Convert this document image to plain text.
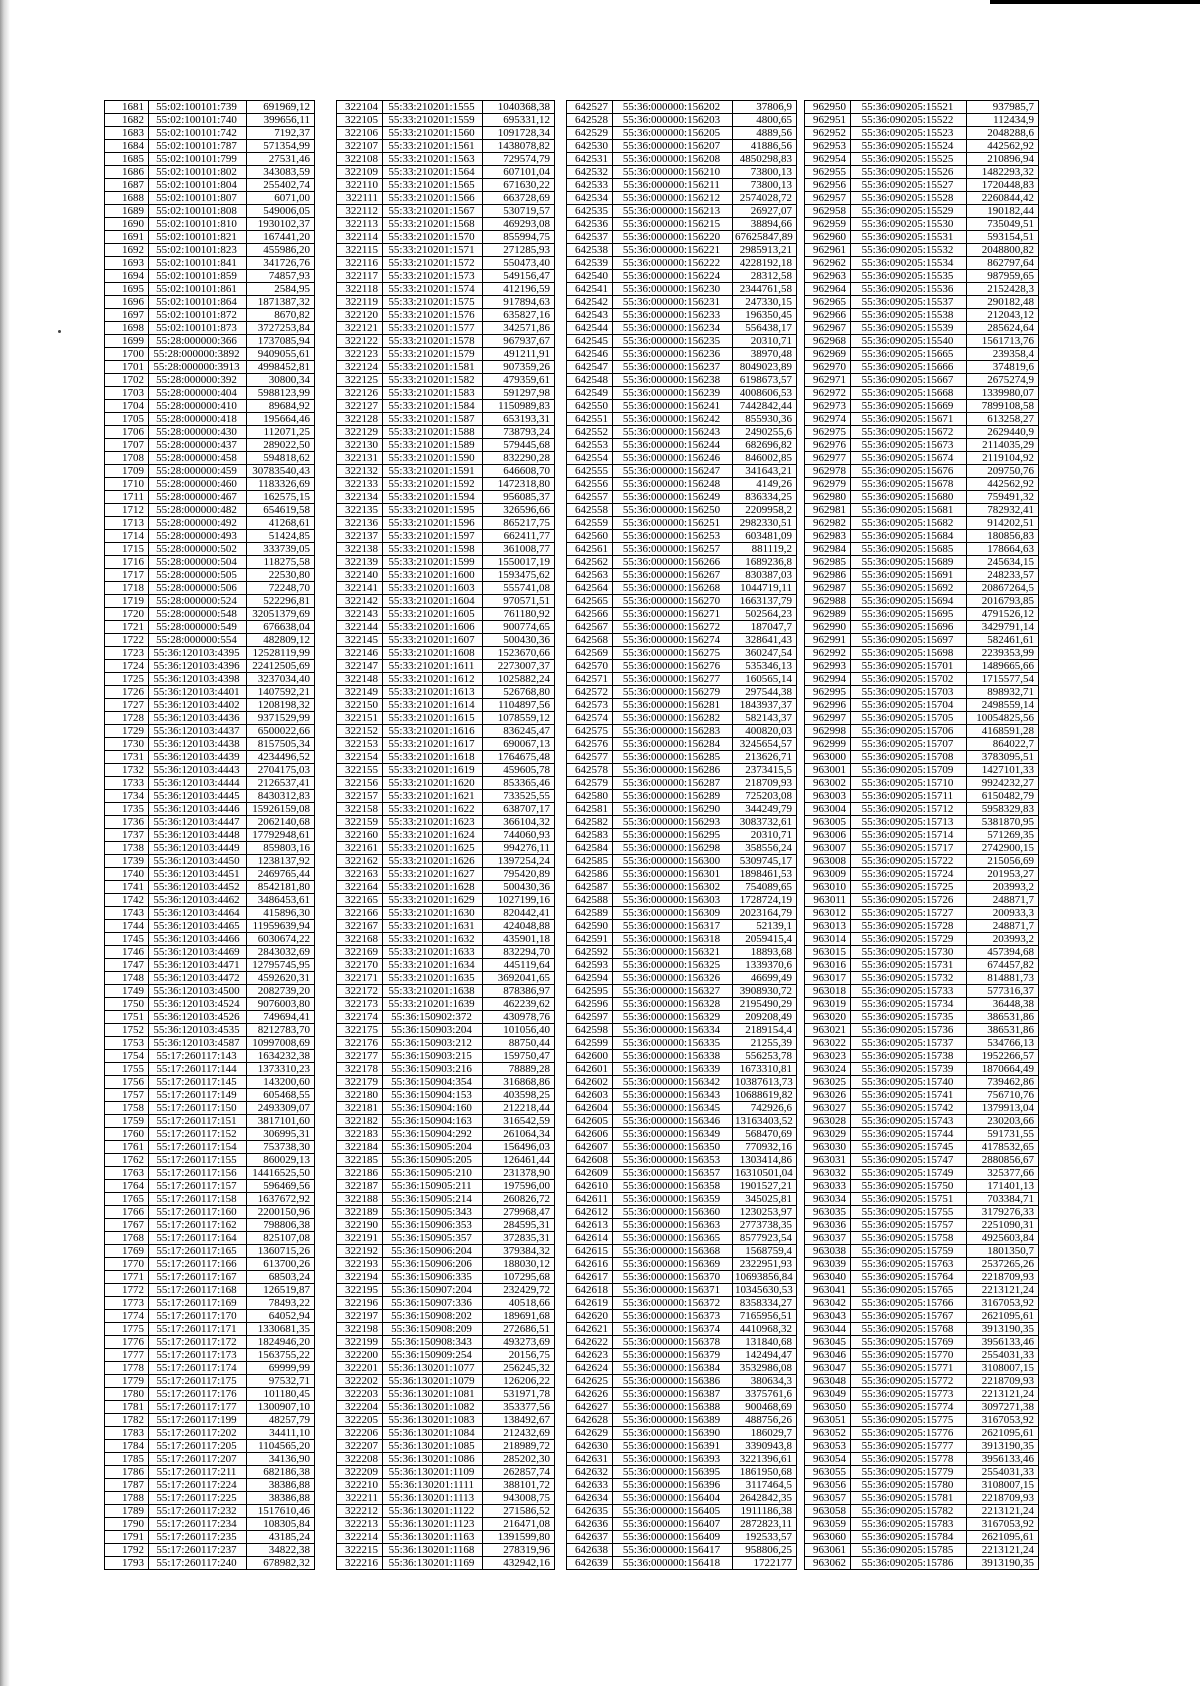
1681	55:02:100101:739	691969,12
1682	55:02:100101:740	399656,11
1683	55:02:100101:742	7192,37
1684	55:02:100101:787	571354,99
1685	55:02:100101:799	27531,46
1686	55:02:100101:802	343083,59
1687	55:02:100101:804	255402,74
1688	55:02:100101:807	6071,00
1689	55:02:100101:808	549006,05
1690	55:02:100101:810	1930102,37
1691	55:02:100101:821	167441,20
1692	55:02:100101:823	455986,20
1693	55:02:100101:841	341726,76
1694	55:02:100101:859	74857,93
1695	55:02:100101:861	2584,95
1696	55:02:100101:864	1871387,32
1697	55:02:100101:872	8670,82
1698	55:02:100101:873	3727253,84
1699	55:28:000000:366	1737085,94
1700	55:28:000000:3892	9409055,61
1701	55:28:000000:3913	4998452,81
1702	55:28:000000:392	30800,34
1703	55:28:000000:404	5988123,99
1704	55:28:000000:410	89684,92
1705	55:28:000000:418	195664,46
1706	55:28:000000:430	112071,25
1707	55:28:000000:437	289022,50
1708	55:28:000000:458	594818,62
1709	55:28:000000:459	30783540,43
1710	55:28:000000:460	1183326,69
1711	55:28:000000:467	162575,15
1712	55:28:000000:482	654619,58
1713	55:28:000000:492	41268,61
1714	55:28:000000:493	51424,85
1715	55:28:000000:502	333739,05
1716	55:28:000000:504	118275,58
1717	55:28:000000:505	22530,80
1718	55:28:000000:506	72248,70
1719	55:28:000000:524	522296,81
1720	55:28:000000:548	32051379,69
1721	55:28:000000:549	676638,04
1722	55:28:000000:554	482809,12
1723	55:36:120103:4395	12528119,99
1724	55:36:120103:4396	22412505,69
1725	55:36:120103:4398	3237034,40
1726	55:36:120103:4401	1407592,21
1727	55:36:120103:4402	1208198,32
1728	55:36:120103:4436	9371529,99
1729	55:36:120103:4437	6500022,66
1730	55:36:120103:4438	8157505,34
1731	55:36:120103:4439	4234496,52
1732	55:36:120103:4443	2704175,03
1733	55:36:120103:4444	2126537,41
1734	55:36:120103:4445	8430312,83
1735	55:36:120103:4446	15926159,08
1736	55:36:120103:4447	2062140,68
1737	55:36:120103:4448	17792948,61
1738	55:36:120103:4449	859803,16
1739	55:36:120103:4450	1238137,92
1740	55:36:120103:4451	2469765,44
1741	55:36:120103:4452	8542181,80
1742	55:36:120103:4462	3486453,61
1743	55:36:120103:4464	415896,30
1744	55:36:120103:4465	11959639,94
1745	55:36:120103:4466	6030674,22
1746	55:36:120103:4469	2843032,69
1747	55:36:120103:4471	12795745,95
1748	55:36:120103:4472	4592620,31
1749	55:36:120103:4500	2082739,20
1750	55:36:120103:4524	9076003,80
1751	55:36:120103:4526	749694,41
1752	55:36:120103:4535	8212783,70
1753	55:36:120103:4587	10997008,69
1754	55:17:260117:143	1634232,38
1755	55:17:260117:144	1373310,23
1756	55:17:260117:145	143200,60
1757	55:17:260117:149	605468,55
1758	55:17:260117:150	2493309,07
1759	55:17:260117:151	3817101,60
1760	55:17:260117:152	306995,31
1761	55:17:260117:154	753738,30
1762	55:17:260117:155	860029,13
1763	55:17:260117:156	14416525,50
1764	55:17:260117:157	596469,56
1765	55:17:260117:158	1637672,92
1766	55:17:260117:160	2200150,96
1767	55:17:260117:162	798806,38
1768	55:17:260117:164	825107,08
1769	55:17:260117:165	1360715,26
1770	55:17:260117:166	613700,26
1771	55:17:260117:167	68503,24
1772	55:17:260117:168	126519,87
1773	55:17:260117:169	78493,22
1774	55:17:260117:170	64052,94
1775	55:17:260117:171	1330681,35
1776	55:17:260117:172	1824946,20
1777	55:17:260117:173	1563755,22
1778	55:17:260117:174	69999,99
1779	55:17:260117:175	97532,71
1780	55:17:260117:176	101180,45
1781	55:17:260117:177	1300907,10
1782	55:17:260117:199	48257,79
1783	55:17:260117:202	34411,10
1784	55:17:260117:205	1104565,20
1785	55:17:260117:207	34136,90
1786	55:17:260117:211	682186,38
1787	55:17:260117:224	38386,88
1788	55:17:260117:225	38386,88
1789	55:17:260117:232	1517610,46
1790	55:17:260117:234	108305,84
1791	55:17:260117:235	43185,24
1792	55:17:260117:237	34822,38
1793	55:17:260117:240	678982,32
322104	55:33:210201:1555	1040368,38
322105	55:33:210201:1559	695331,12
322106	55:33:210201:1560	1091728,34
322107	55:33:210201:1561	1438078,82
322108	55:33:210201:1563	729574,79
322109	55:33:210201:1564	607101,04
322110	55:33:210201:1565	671630,22
322111	55:33:210201:1566	663728,69
322112	55:33:210201:1567	530719,57
322113	55:33:210201:1568	469293,08
322114	55:33:210201:1570	855994,75
322115	55:33:210201:1571	271285,93
322116	55:33:210201:1572	550473,40
322117	55:33:210201:1573	549156,47
322118	55:33:210201:1574	412196,59
322119	55:33:210201:1575	917894,63
322120	55:33:210201:1576	635827,16
322121	55:33:210201:1577	342571,86
322122	55:33:210201:1578	967937,67
322123	55:33:210201:1579	491211,91
322124	55:33:210201:1581	907359,26
322125	55:33:210201:1582	479359,61
322126	55:33:210201:1583	591297,98
322127	55:33:210201:1584	1150989,83
322128	55:33:210201:1587	653193,31
322129	55:33:210201:1588	738793,24
322130	55:33:210201:1589	579445,68
322131	55:33:210201:1590	832290,28
322132	55:33:210201:1591	646608,70
322133	55:33:210201:1592	1472318,80
322134	55:33:210201:1594	956085,37
322135	55:33:210201:1595	326596,66
322136	55:33:210201:1596	865217,75
322137	55:33:210201:1597	662411,77
322138	55:33:210201:1598	361008,77
322139	55:33:210201:1599	1550017,19
322140	55:33:210201:1600	1593475,62
322141	55:33:210201:1603	555741,08
322142	55:33:210201:1604	970571,51
322143	55:33:210201:1605	761180,92
322144	55:33:210201:1606	900774,65
322145	55:33:210201:1607	500430,36
322146	55:33:210201:1608	1523670,66
322147	55:33:210201:1611	2273007,37
322148	55:33:210201:1612	1025882,24
322149	55:33:210201:1613	526768,80
322150	55:33:210201:1614	1104897,56
322151	55:33:210201:1615	1078559,12
322152	55:33:210201:1616	836245,47
322153	55:33:210201:1617	690067,13
322154	55:33:210201:1618	1764675,48
322155	55:33:210201:1619	459605,78
322156	55:33:210201:1620	853365,46
322157	55:33:210201:1621	733525,55
322158	55:33:210201:1622	638707,17
322159	55:33:210201:1623	366104,32
322160	55:33:210201:1624	744060,93
322161	55:33:210201:1625	994276,11
322162	55:33:210201:1626	1397254,24
322163	55:33:210201:1627	795420,89
322164	55:33:210201:1628	500430,36
322165	55:33:210201:1629	1027199,16
322166	55:33:210201:1630	820442,41
322167	55:33:210201:1631	424048,88
322168	55:33:210201:1632	435901,18
322169	55:33:210201:1633	832294,70
322170	55:33:210201:1634	445119,64
322171	55:33:210201:1635	3692041,65
322172	55:33:210201:1638	878386,97
322173	55:33:210201:1639	462239,62
322174	55:36:150902:372	430978,76
322175	55:36:150903:204	101056,40
322176	55:36:150903:212	88750,44
322177	55:36:150903:215	159750,47
322178	55:36:150903:216	78889,28
322179	55:36:150904:354	316868,86
322180	55:36:150904:153	403598,25
322181	55:36:150904:160	212218,44
322182	55:36:150904:163	316542,59
322183	55:36:150904:292	261064,34
322184	55:36:150905:204	156496,03
322185	55:36:150905:205	126461,44
322186	55:36:150905:210	231378,90
322187	55:36:150905:211	197596,00
322188	55:36:150905:214	260826,72
322189	55:36:150905:343	279968,47
322190	55:36:150906:353	284595,31
322191	55:36:150905:357	372835,31
322192	55:36:150906:204	379384,32
322193	55:36:150906:206	188030,12
322194	55:36:150906:335	107295,68
322195	55:36:150907:204	232429,72
322196	55:36:150907:336	40518,66
322197	55:36:150908:202	189691,68
322198	55:36:150908:209	272686,51
322199	55:36:150908:343	493273,69
322200	55:36:150909:254	20156,75
322201	55:36:130201:1077	256245,32
322202	55:36:130201:1079	126206,22
322203	55:36:130201:1081	531971,78
322204	55:36:130201:1082	353377,56
322205	55:36:130201:1083	138492,67
322206	55:36:130201:1084	212432,69
322207	55:36:130201:1085	218989,72
322208	55:36:130201:1086	285202,30
322209	55:36:130201:1109	262857,74
322210	55:36:130201:1111	388101,72
322211	55:36:130201:1113	943008,75
322212	55:36:130201:1122	271586,52
322213	55:36:130201:1123	216471,08
322214	55:36:130201:1163	1391599,80
322215	55:36:130201:1168	278319,96
322216	55:36:130201:1169	432942,16
642527	55:36:000000:156202	37806,9
642528	55:36:000000:156203	4800,65
642529	55:36:000000:156205	4889,56
642530	55:36:000000:156207	41886,56
642531	55:36:000000:156208	4850298,83
642532	55:36:000000:156210	73800,13
642533	55:36:000000:156211	73800,13
642534	55:36:000000:156212	2574028,72
642535	55:36:000000:156213	26927,07
642536	55:36:000000:156215	38894,66
642537	55:36:000000:156220	67625847,89
642538	55:36:000000:156221	2985913,21
642539	55:36:000000:156222	4228192,18
642540	55:36:000000:156224	28312,58
642541	55:36:000000:156230	2344761,58
642542	55:36:000000:156231	247330,15
642543	55:36:000000:156233	196350,45
642544	55:36:000000:156234	556438,17
642545	55:36:000000:156235	20310,71
642546	55:36:000000:156236	38970,48
642547	55:36:000000:156237	8049023,89
642548	55:36:000000:156238	6198673,57
642549	55:36:000000:156239	4008606,53
642550	55:36:000000:156241	7442842,44
642551	55:36:000000:156242	855930,36
642552	55:36:000000:156243	2490255,6
642553	55:36:000000:156244	682696,82
642554	55:36:000000:156246	846002,85
642555	55:36:000000:156247	341643,21
642556	55:36:000000:156248	4149,26
642557	55:36:000000:156249	836334,25
642558	55:36:000000:156250	2209958,2
642559	55:36:000000:156251	2982330,51
642560	55:36:000000:156253	603481,09
642561	55:36:000000:156257	881119,2
642562	55:36:000000:156266	1689236,8
642563	55:36:000000:156267	830387,03
642564	55:36:000000:156268	1044719,11
642565	55:36:000000:156270	1663137,79
642566	55:36:000000:156271	502564,23
642567	55:36:000000:156272	187047,7
642568	55:36:000000:156274	328641,43
642569	55:36:000000:156275	360247,54
642570	55:36:000000:156276	535346,13
642571	55:36:000000:156277	160565,14
642572	55:36:000000:156279	297544,38
642573	55:36:000000:156281	1843937,37
642574	55:36:000000:156282	582143,37
642575	55:36:000000:156283	400820,03
642576	55:36:000000:156284	3245654,57
642577	55:36:000000:156285	213626,71
642578	55:36:000000:156286	2373415,5
642579	55:36:000000:156287	218709,93
642580	55:36:000000:156289	725203,08
642581	55:36:000000:156290	344249,79
642582	55:36:000000:156293	3083732,61
642583	55:36:000000:156295	20310,71
642584	55:36:000000:156298	358556,24
642585	55:36:000000:156300	5309745,17
642586	55:36:000000:156301	1898461,53
642587	55:36:000000:156302	754089,65
642588	55:36:000000:156303	1728724,19
642589	55:36:000000:156309	2023164,79
642590	55:36:000000:156317	52139,1
642591	55:36:000000:156318	2059415,4
642592	55:36:000000:156321	18893,68
642593	55:36:000000:156325	1339370,6
642594	55:36:000000:156326	46699,49
642595	55:36:000000:156327	3908930,72
642596	55:36:000000:156328	2195490,29
642597	55:36:000000:156329	209208,49
642598	55:36:000000:156334	2189154,4
642599	55:36:000000:156335	21255,39
642600	55:36:000000:156338	556253,78
642601	55:36:000000:156339	1673310,81
642602	55:36:000000:156342	10387613,73
642603	55:36:000000:156343	10688619,82
642604	55:36:000000:156345	742926,6
642605	55:36:000000:156346	13163403,52
642606	55:36:000000:156349	568470,69
642607	55:36:000000:156350	770932,16
642608	55:36:000000:156353	1303414,86
642609	55:36:000000:156357	16310501,04
642610	55:36:000000:156358	1901527,21
642611	55:36:000000:156359	345025,81
642612	55:36:000000:156360	1230253,97
642613	55:36:000000:156363	2773738,35
642614	55:36:000000:156365	8577923,54
642615	55:36:000000:156368	1568759,4
642616	55:36:000000:156369	2322951,93
642617	55:36:000000:156370	10693856,84
642618	55:36:000000:156371	10345630,53
642619	55:36:000000:156372	8358334,27
642620	55:36:000000:156373	7165956,51
642621	55:36:000000:156374	4410968,32
642622	55:36:000000:156378	131840,68
642623	55:36:000000:156379	142494,47
642624	55:36:000000:156384	3532986,08
642625	55:36:000000:156386	380634,3
642626	55:36:000000:156387	3375761,6
642627	55:36:000000:156388	900468,69
642628	55:36:000000:156389	488756,26
642629	55:36:000000:156390	186029,7
642630	55:36:000000:156391	3390943,8
642631	55:36:000000:156393	3221396,61
642632	55:36:000000:156395	1861950,68
642633	55:36:000000:156396	3117464,5
642634	55:36:000000:156404	2642842,35
642635	55:36:000000:156405	1911186,38
642636	55:36:000000:156407	2872823,11
642637	55:36:000000:156409	192533,57
642638	55:36:000000:156417	958806,25
642639	55:36:000000:156418	1722177
962950	55:36:090205:15521	937985,7
962951	55:36:090205:15522	112434,9
962952	55:36:090205:15523	2048288,6
962953	55:36:090205:15524	442562,92
962954	55:36:090205:15525	210896,94
962955	55:36:090205:15526	1482293,32
962956	55:36:090205:15527	1720448,83
962957	55:36:090205:15528	2260844,42
962958	55:36:090205:15529	190182,44
962959	55:36:090205:15530	735049,51
962960	55:36:090205:15531	593154,51
962961	55:36:090205:15532	2048800,82
962962	55:36:090205:15534	862797,64
962963	55:36:090205:15535	987959,65
962964	55:36:090205:15536	2152428,3
962965	55:36:090205:15537	290182,48
962966	55:36:090205:15538	212043,12
962967	55:36:090205:15539	285624,64
962968	55:36:090205:15540	1561713,76
962969	55:36:090205:15665	239358,4
962970	55:36:090205:15666	374819,6
962971	55:36:090205:15667	2675274,9
962972	55:36:090205:15668	1339980,07
962973	55:36:090205:15669	7899108,58
962974	55:36:090205:15671	613258,27
962975	55:36:090205:15672	2629440,9
962976	55:36:090205:15673	2114035,29
962977	55:36:090205:15674	2119104,92
962978	55:36:090205:15676	209750,76
962979	55:36:090205:15678	442562,92
962980	55:36:090205:15680	759491,32
962981	55:36:090205:15681	782932,41
962982	55:36:090205:15682	914202,51
962983	55:36:090205:15684	180856,83
962984	55:36:090205:15685	178664,63
962985	55:36:090205:15689	245634,15
962986	55:36:090205:15691	248233,57
962987	55:36:090205:15692	20867264,5
962988	55:36:090205:15694	2016793,85
962989	55:36:090205:15695	4791526,12
962990	55:36:090205:15696	3429791,14
962991	55:36:090205:15697	582461,61
962992	55:36:090205:15698	2239353,99
962993	55:36:090205:15701	1489665,66
962994	55:36:090205:15702	1715577,54
962995	55:36:090205:15703	898932,71
962996	55:36:090205:15704	2498559,14
962997	55:36:090205:15705	10054825,56
962998	55:36:090205:15706	4168591,28
962999	55:36:090205:15707	864022,7
963000	55:36:090205:15708	3783095,51
963001	55:36:090205:15709	1427101,33
963002	55:36:090205:15710	9924232,27
963003	55:36:090205:15711	6150482,79
963004	55:36:090205:15712	5958329,83
963005	55:36:090205:15713	5381870,95
963006	55:36:090205:15714	571269,35
963007	55:36:090205:15717	2742900,15
963008	55:36:090205:15722	215056,69
963009	55:36:090205:15724	201953,27
963010	55:36:090205:15725	203993,2
963011	55:36:090205:15726	248871,7
963012	55:36:090205:15727	200933,3
963013	55:36:090205:15728	248871,7
963014	55:36:090205:15729	203993,2
963015	55:36:090205:15730	457394,68
963016	55:36:090205:15731	674457,82
963017	55:36:090205:15732	814881,73
963018	55:36:090205:15733	577316,37
963019	55:36:090205:15734	36448,38
963020	55:36:090205:15735	386531,86
963021	55:36:090205:15736	386531,86
963022	55:36:090205:15737	534766,13
963023	55:36:090205:15738	1952266,57
963024	55:36:090205:15739	1870664,49
963025	55:36:090205:15740	739462,86
963026	55:36:090205:15741	756710,76
963027	55:36:090205:15742	1379913,04
963028	55:36:090205:15743	230203,66
963029	55:36:090205:15744	591731,55
963030	55:36:090205:15745	4178532,65
963031	55:36:090205:15747	2880856,67
963032	55:36:090205:15749	325377,66
963033	55:36:090205:15750	171401,13
963034	55:36:090205:15751	703384,71
963035	55:36:090205:15755	3179276,33
963036	55:36:090205:15757	2251090,31
963037	55:36:090205:15758	4925603,84
963038	55:36:090205:15759	1801350,7
963039	55:36:090205:15763	2537265,26
963040	55:36:090205:15764	2218709,93
963041	55:36:090205:15765	2213121,24
963042	55:36:090205:15766	3167053,92
963043	55:36:090205:15767	2621095,61
963044	55:36:090205:15768	3913190,35
963045	55:36:090205:15769	3956133,46
963046	55:36:090205:15770	2554031,33
963047	55:36:090205:15771	3108007,15
963048	55:36:090205:15772	2218709,93
963049	55:36:090205:15773	2213121,24
963050	55:36:090205:15774	3097271,38
963051	55:36:090205:15775	3167053,92
963052	55:36:090205:15776	2621095,61
963053	55:36:090205:15777	3913190,35
963054	55:36:090205:15778	3956133,46
963055	55:36:090205:15779	2554031,33
963056	55:36:090205:15780	3108007,15
963057	55:36:090205:15781	2218709,93
963058	55:36:090205:15782	2213121,24
963059	55:36:090205:15783	3167053,92
963060	55:36:090205:15784	2621095,61
963061	55:36:090205:15785	2213121,24
963062	55:36:090205:15786	3913190,35
